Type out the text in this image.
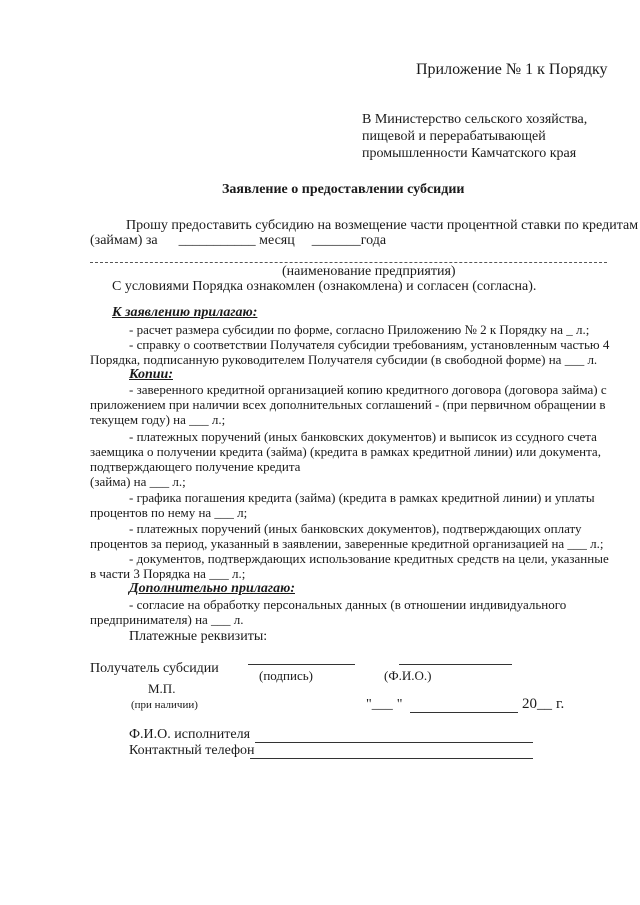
Приложение № 1 к Порядку
В Министерство сельского хозяйства,
пищевой и перерабатывающей
промышленности Камчатского края
Заявление о предоставлении субсидии
Прошу предоставить субсидию на возмещение части процентной ставки по кредитам
(займам) за ___________ месяц _______года
(наименование предприятия)
С условиями Порядка ознакомлен (ознакомлена) и согласен (согласна).
К заявлению прилагаю:
- расчет размера субсидии по форме, согласно Приложению № 2 к Порядку на _ л.;
- справку о соответствии Получателя субсидии требованиям, установленным частью 4
Порядка, подписанную руководителем Получателя субсидии (в свободной форме) на ___ л.
Копии:
- заверенного кредитной организацией копию кредитного договора (договора займа) с
приложением при наличии всех дополнительных соглашений - (при первичном обращении в
текущем году) на ___ л.;
- платежных поручений (иных банковских документов) и выписок из ссудного счета
заемщика о получении кредита (займа) (кредита в рамках кредитной линии) или документа,
подтверждающего получение кредита
(займа) на ___ л.;
- графика погашения кредита (займа) (кредита в рамках кредитной линии) и уплаты
процентов по нему на ___ л;
- платежных поручений (иных банковских документов), подтверждающих оплату
процентов за период, указанный в заявлении, заверенные кредитной организацией на ___ л.;
- документов, подтверждающих использование кредитных средств на цели, указанные
в части 3 Порядка на ___ л.;
Дополнительно прилагаю:
- согласие на обработку персональных данных (в отношении индивидуального
предпринимателя) на ___ л.
Платежные реквизиты:
Получатель субсидии	(подпись)	(Ф.И.О.)
М.П.
(при наличии)	"___ "	20__ г.
Ф.И.О. исполнителя
Контактный телефон
